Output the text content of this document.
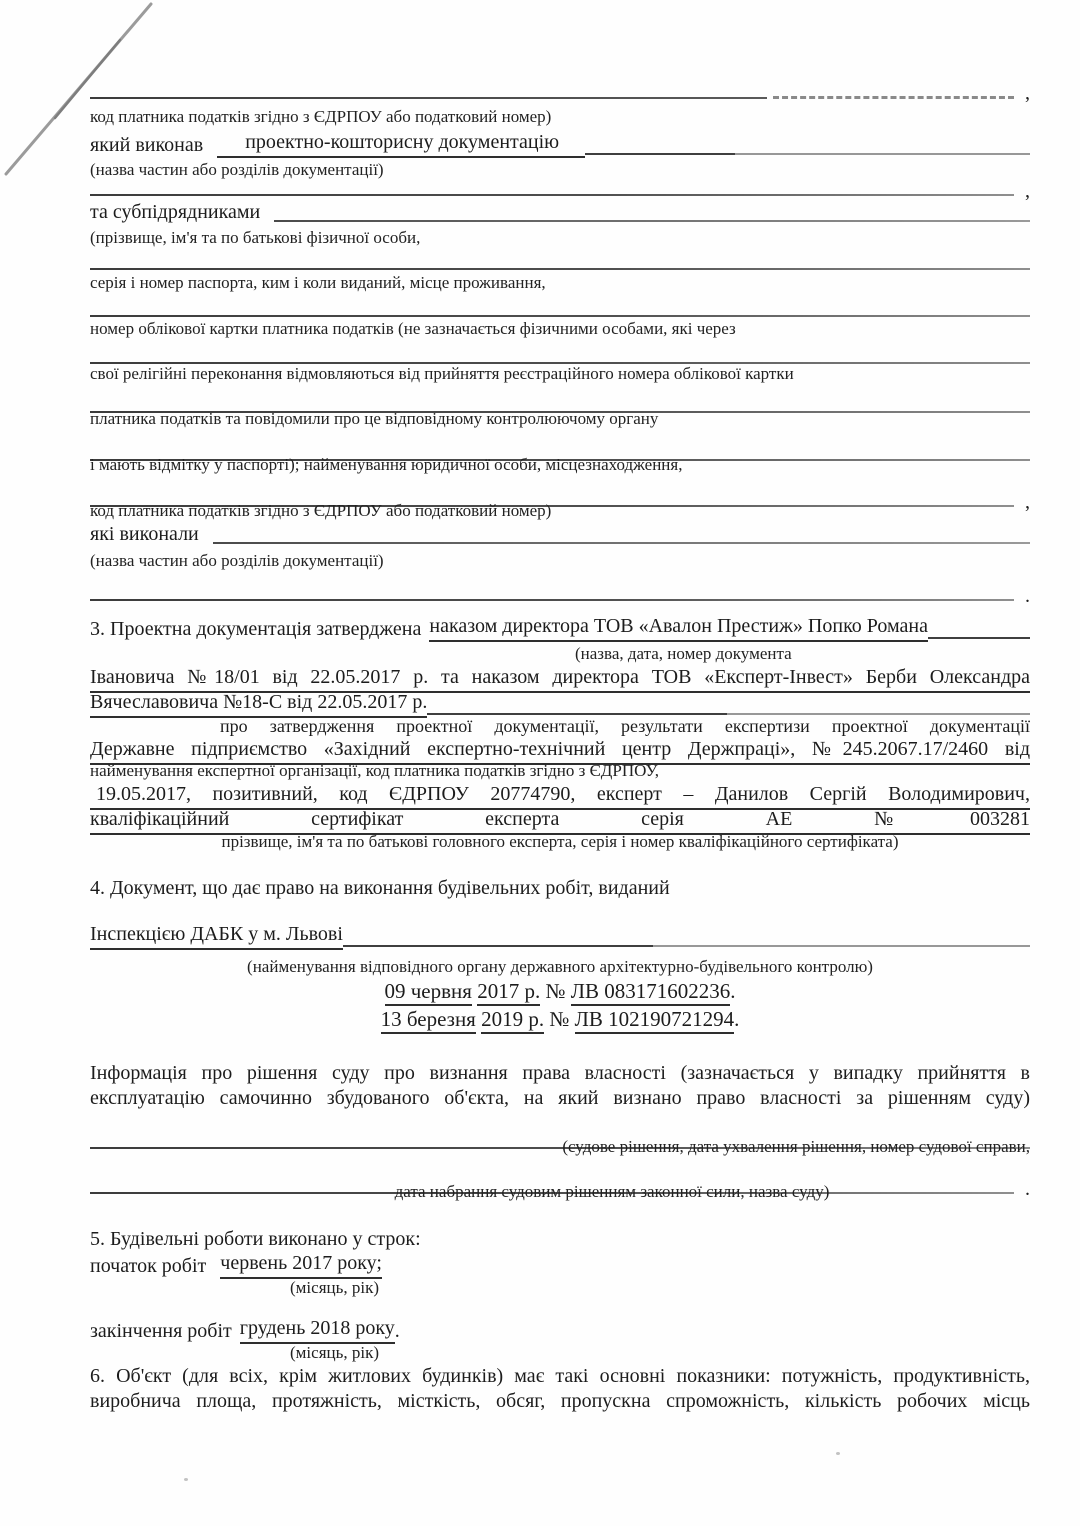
,
код платника податків згідно з ЄДРПОУ або податковий номер)
який виконав	проектно-кошторисну документацію
(назва частин або розділів документації)
,
та субпідрядниками
(прізвище, ім'я та по батькові фізичної особи,
серія і номер паспорта, ким і коли виданий, місце проживання,
номер облікової картки платника податків (не зазначається фізичними особами, які через
свої релігійні переконання відмовляються від прийняття реєстраційного номера облікової картки
платника податків та повідомили про це відповідному контролюючому органу
і мають відмітку у паспорті); найменування юридичної особи, місцезнаходження,
,
код платника податків згідно з ЄДРПОУ або податковий номер)
які виконали
(назва частин або розділів документації)
.
3. Проектна документація затверджена наказом директора ТОВ «Авалон Престиж» Попко Романа
(назва, дата, номер документа
Івановича №18/01 від 22.05.2017 р. та наказом директора ТОВ «Експерт-Інвест» Берби Олександра
Вячеславовича №18-С від 22.05.2017 р.
про затвердження проектної документації, результати експертизи проектної документації
Державне підприємство «Західний експертно-технічний центр Держпраці», №245.2067.17/2460 від
найменування експертної організації, код платника податків згідно з ЄДРПОУ,
19.05.2017, позитивний, код ЄДРПОУ 20774790, експерт – Данилов Сергій Володимирович,
кваліфікаційний сертифікат експерта серія АЕ №003281
прізвище, ім'я та по батькові головного експерта, серія і номер кваліфікаційного сертифіката)
4. Документ, що дає право на виконання будівельних робіт, виданий
Інспекцією ДАБК у м. Львові
(найменування відповідного органу державного архітектурно-будівельного контролю)
09 червня 2017 р. № ЛВ 083171602236.
13 березня 2019 р. № ЛВ 102190721294.
Інформація про рішення суду про визнання права власності (зазначається у випадку прийняття в
експлуатацію самочинно збудованого об'єкта, на який визнано право власності за рішенням суду)
(судове рішення, дата ухвалення рішення, номер судової справи,
.
дата набрання судовим рішенням законної сили, назва суду)
5. Будівельні роботи виконано у строк:
початок робіт червень 2017 року;
(місяць, рік)
закінчення робіт грудень 2018 року .
(місяць, рік)
6. Об'єкт (для всіх, крім житлових будинків) має такі основні показники: потужність, продуктивність,
виробнича площа, протяжність, місткість, обсяг, пропускна спроможність, кількість робочих місць
